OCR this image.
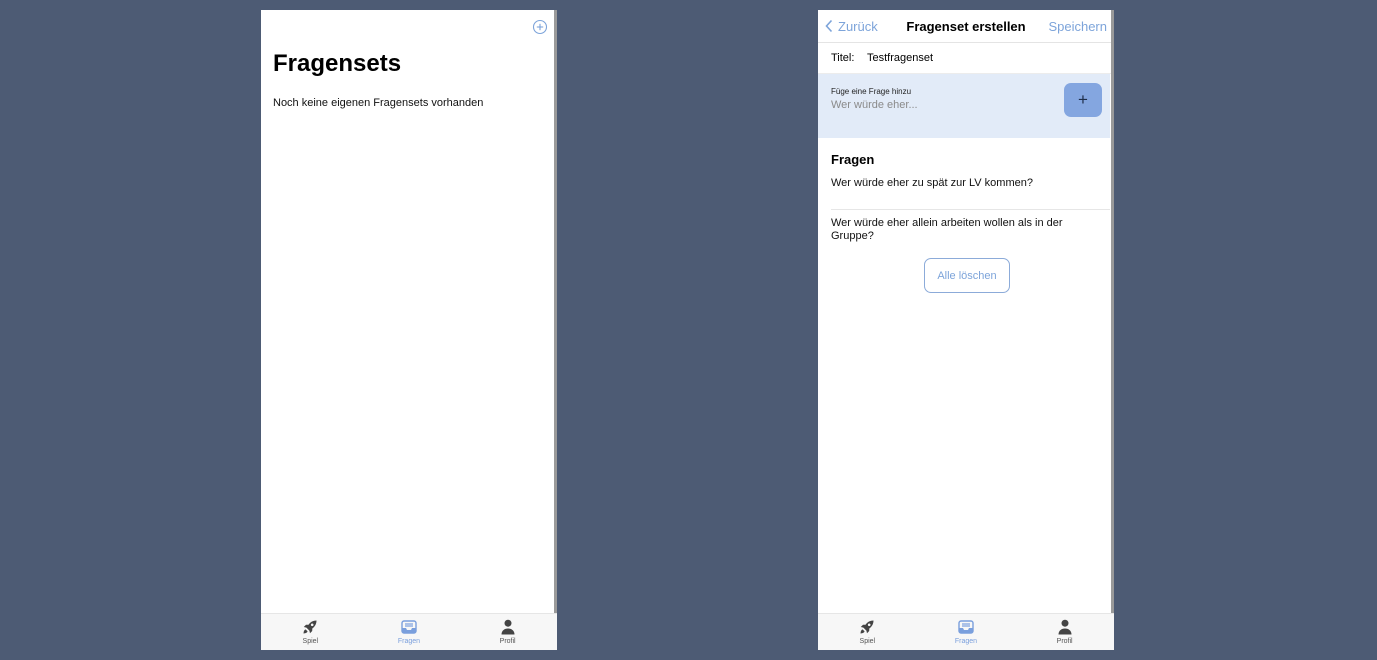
Fragensets
Noch keine eigenen Fragensets vorhanden
Spiel	Fragen	Profil
Zurück	Fragenset erstellen	Speichern
Titel:	Testfragenset
Füge eine Frage hinzu
Wer würde eher...	+
Fragen
Wer würde eher zu spät zur LV kommen?
Wer würde eher allein arbeiten wollen als in der Gruppe?
Alle löschen
Spiel	Fragen	Profil
